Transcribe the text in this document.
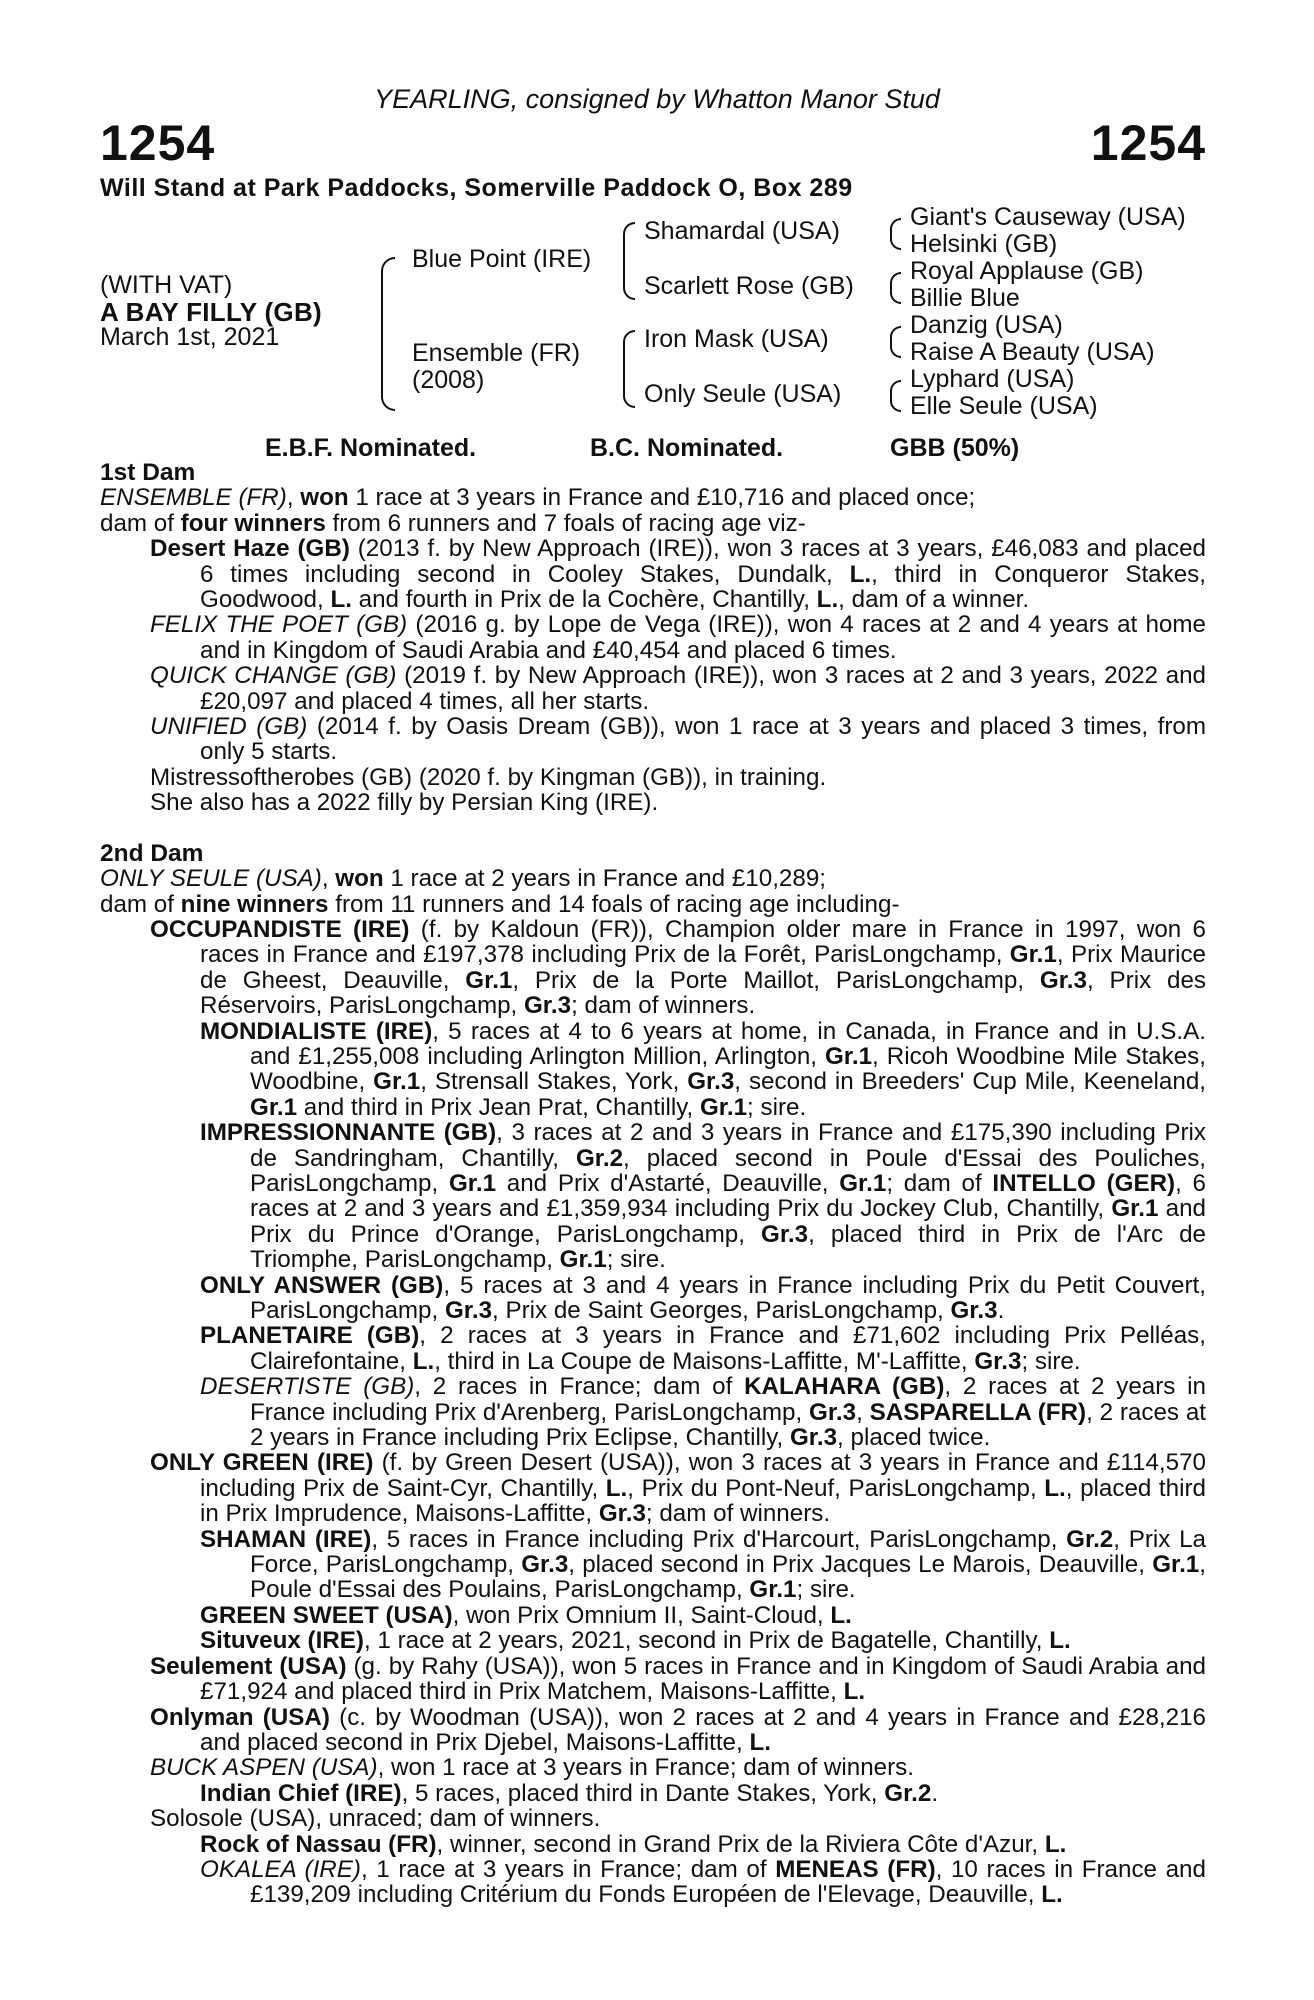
YEARLING, consigned by Whatton Manor Stud
1254	1254
Will Stand at Park Paddocks, Somerville Paddock O, Box 289
(WITH VAT)
A BAY FILLY (GB)
March 1st, 2021
Blue Point (IRE)
Ensemble (FR)
(2008)
Shamardal (USA)
Scarlett Rose (GB)
Iron Mask (USA)
Only Seule (USA)
Giant's Causeway (USA)
Helsinki (GB)
Royal Applause (GB)
Billie Blue
Danzig (USA)
Raise A Beauty (USA)
Lyphard (USA)
Elle Seule (USA)
E.B.F. Nominated.	B.C. Nominated.	GBB (50%)
1st Dam
ENSEMBLE (FR), won 1 race at 3 years in France and £10,716 and placed once;
dam of four winners from 6 runners and 7 foals of racing age viz-
Desert Haze (GB) (2013 f. by New Approach (IRE)), won 3 races at 3 years, £46,083 and placed 6 times including second in Cooley Stakes, Dundalk, L., third in Conqueror Stakes, Goodwood, L. and fourth in Prix de la Cochère, Chantilly, L., dam of a winner.
FELIX THE POET (GB) (2016 g. by Lope de Vega (IRE)), won 4 races at 2 and 4 years at home and in Kingdom of Saudi Arabia and £40,454 and placed 6 times.
QUICK CHANGE (GB) (2019 f. by New Approach (IRE)), won 3 races at 2 and 3 years, 2022 and £20,097 and placed 4 times, all her starts.
UNIFIED (GB) (2014 f. by Oasis Dream (GB)), won 1 race at 3 years and placed 3 times, from only 5 starts.
Mistressoftherobes (GB) (2020 f. by Kingman (GB)), in training.
She also has a 2022 filly by Persian King (IRE).
2nd Dam
ONLY SEULE (USA), won 1 race at 2 years in France and £10,289;
dam of nine winners from 11 runners and 14 foals of racing age including-
OCCUPANDISTE (IRE) (f. by Kaldoun (FR)), Champion older mare in France in 1997, won 6 races in France and £197,378 including Prix de la Forêt, ParisLongchamp, Gr.1, Prix Maurice de Gheest, Deauville, Gr.1, Prix de la Porte Maillot, ParisLongchamp, Gr.3, Prix des Réservoirs, ParisLongchamp, Gr.3; dam of winners.
MONDIALISTE (IRE), 5 races at 4 to 6 years at home, in Canada, in France and in U.S.A. and £1,255,008 including Arlington Million, Arlington, Gr.1, Ricoh Woodbine Mile Stakes, Woodbine, Gr.1, Strensall Stakes, York, Gr.3, second in Breeders' Cup Mile, Keeneland, Gr.1 and third in Prix Jean Prat, Chantilly, Gr.1; sire.
IMPRESSIONNANTE (GB), 3 races at 2 and 3 years in France and £175,390 including Prix de Sandringham, Chantilly, Gr.2, placed second in Poule d'Essai des Pouliches, ParisLongchamp, Gr.1 and Prix d'Astarté, Deauville, Gr.1; dam of INTELLO (GER), 6 races at 2 and 3 years and £1,359,934 including Prix du Jockey Club, Chantilly, Gr.1 and Prix du Prince d'Orange, ParisLongchamp, Gr.3, placed third in Prix de l'Arc de Triomphe, ParisLongchamp, Gr.1; sire.
ONLY ANSWER (GB), 5 races at 3 and 4 years in France including Prix du Petit Couvert, ParisLongchamp, Gr.3, Prix de Saint Georges, ParisLongchamp, Gr.3.
PLANETAIRE (GB), 2 races at 3 years in France and £71,602 including Prix Pelléas, Clairefontaine, L., third in La Coupe de Maisons-Laffitte, M'-Laffitte, Gr.3; sire.
DESERTISTE (GB), 2 races in France; dam of KALAHARA (GB), 2 races at 2 years in France including Prix d'Arenberg, ParisLongchamp, Gr.3, SASPARELLA (FR), 2 races at 2 years in France including Prix Eclipse, Chantilly, Gr.3, placed twice.
ONLY GREEN (IRE) (f. by Green Desert (USA)), won 3 races at 3 years in France and £114,570 including Prix de Saint-Cyr, Chantilly, L., Prix du Pont-Neuf, ParisLongchamp, L., placed third in Prix Imprudence, Maisons-Laffitte, Gr.3; dam of winners.
SHAMAN (IRE), 5 races in France including Prix d'Harcourt, ParisLongchamp, Gr.2, Prix La Force, ParisLongchamp, Gr.3, placed second in Prix Jacques Le Marois, Deauville, Gr.1, Poule d'Essai des Poulains, ParisLongchamp, Gr.1; sire.
GREEN SWEET (USA), won Prix Omnium II, Saint-Cloud, L.
Situveux (IRE), 1 race at 2 years, 2021, second in Prix de Bagatelle, Chantilly, L.
Seulement (USA) (g. by Rahy (USA)), won 5 races in France and in Kingdom of Saudi Arabia and £71,924 and placed third in Prix Matchem, Maisons-Laffitte, L.
Onlyman (USA) (c. by Woodman (USA)), won 2 races at 2 and 4 years in France and £28,216 and placed second in Prix Djebel, Maisons-Laffitte, L.
BUCK ASPEN (USA), won 1 race at 3 years in France; dam of winners.
Indian Chief (IRE), 5 races, placed third in Dante Stakes, York, Gr.2.
Solosole (USA), unraced; dam of winners.
Rock of Nassau (FR), winner, second in Grand Prix de la Riviera Côte d'Azur, L.
OKALEA (IRE), 1 race at 3 years in France; dam of MENEAS (FR), 10 races in France and £139,209 including Critérium du Fonds Européen de l'Elevage, Deauville, L.
